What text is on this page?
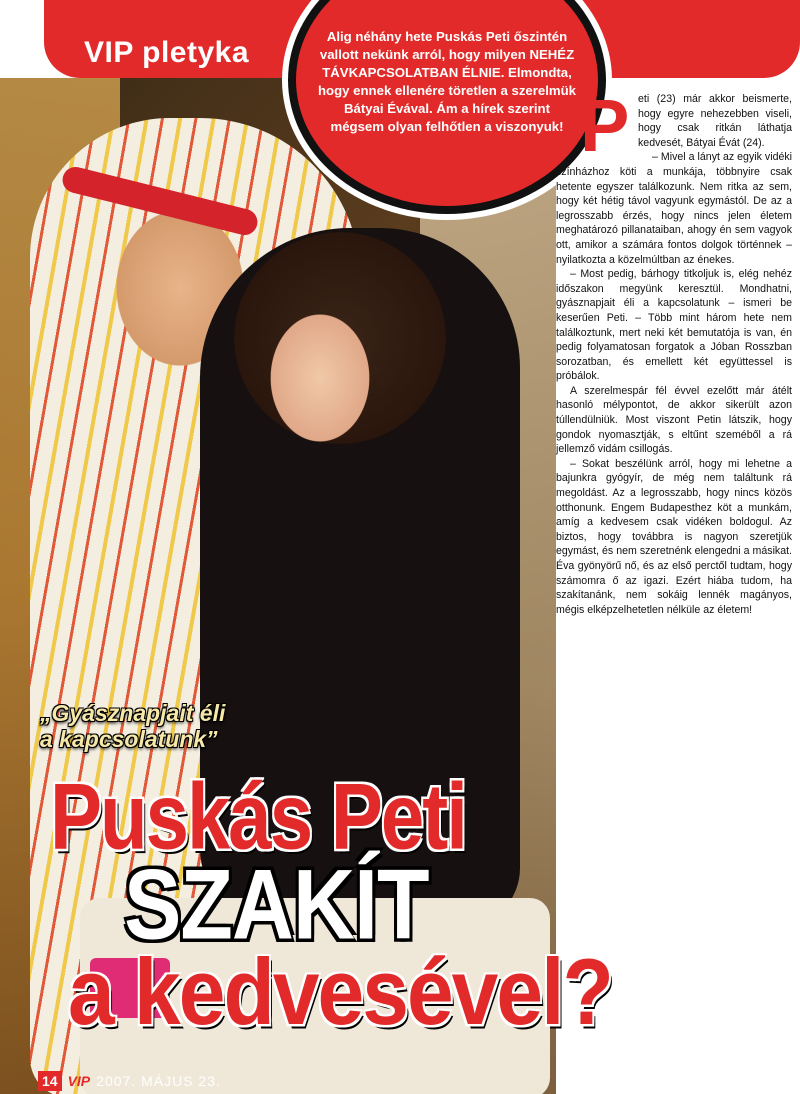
VIP pletyka	Alig néhány hete Puskás Peti őszintén vallott nekünk arról, hogy milyen NEHÉZ TÁVKAPCSOLATBAN ÉLNIE. Elmondta, hogy ennek ellenére töretlen a szerelmük Bátyai Évával. Ám a hírek szerint mégsem olyan felhőtlen a viszonyuk! P eti (23) már akkor beismerte, hogy egyre nehezebben viseli, hogy csak ritkán láthatja kedvesét, Bátyai Évát (24).

– Mivel a lányt az egyik vidéki színházhoz köti a munkája, többnyire csak hetente egyszer találkozunk. Nem ritka az sem, hogy két hétig távol vagyunk egymástól. De az a legrosszabb érzés, hogy nincs jelen életem meghatározó pillanataiban, ahogy én sem vagyok ott, amikor a számára fontos dolgok történnek – nyilatkozta a közelmúltban az énekes.

– Most pedig, bárhogy titkoljuk is, elég nehéz időszakon megyünk keresztül. Mondhatni, gyásznapjait éli a kapcsolatunk – ismeri be keserűen Peti. – Több mint három hete nem találkoztunk, mert neki két bemutatója is van, én pedig folyamatosan forgatok a Jóban Rosszban sorozatban, és emellett két együttessel is próbálok.

A szerelmespár fél évvel ezelőtt már átélt hasonló mélypontot, de akkor sikerült azon túllendülniük. Most viszont Petin látszik, hogy gondok nyomasztják, s eltűnt szeméből a rá jellemző vidám csillogás.

– Sokat beszélünk arról, hogy mi lehetne a bajunkra gyógyír, de még nem találtunk rá megoldást. Az a legrosszabb, hogy nincs közös otthonunk. Engem Budapesthez köt a munkám, amíg a kedvesem csak vidéken boldogul. Az biztos, hogy továbbra is nagyon szeretjük egymást, és nem szeretnénk elengedni a másikat. Éva gyönyörű nő, és az első perctől tudtam, hogy számomra ő az igazi. Ezért hiába tudom, ha szakítanánk, nem sokáig lennék magányos, mégis elképzelhetetlen nélküle az életem!

„Gyásznapjait éli
a kapcsolatunk”
Puskás Peti
SZAKÍT
a kedvesével?
14 VIP 2007. MÁJUS 23.
